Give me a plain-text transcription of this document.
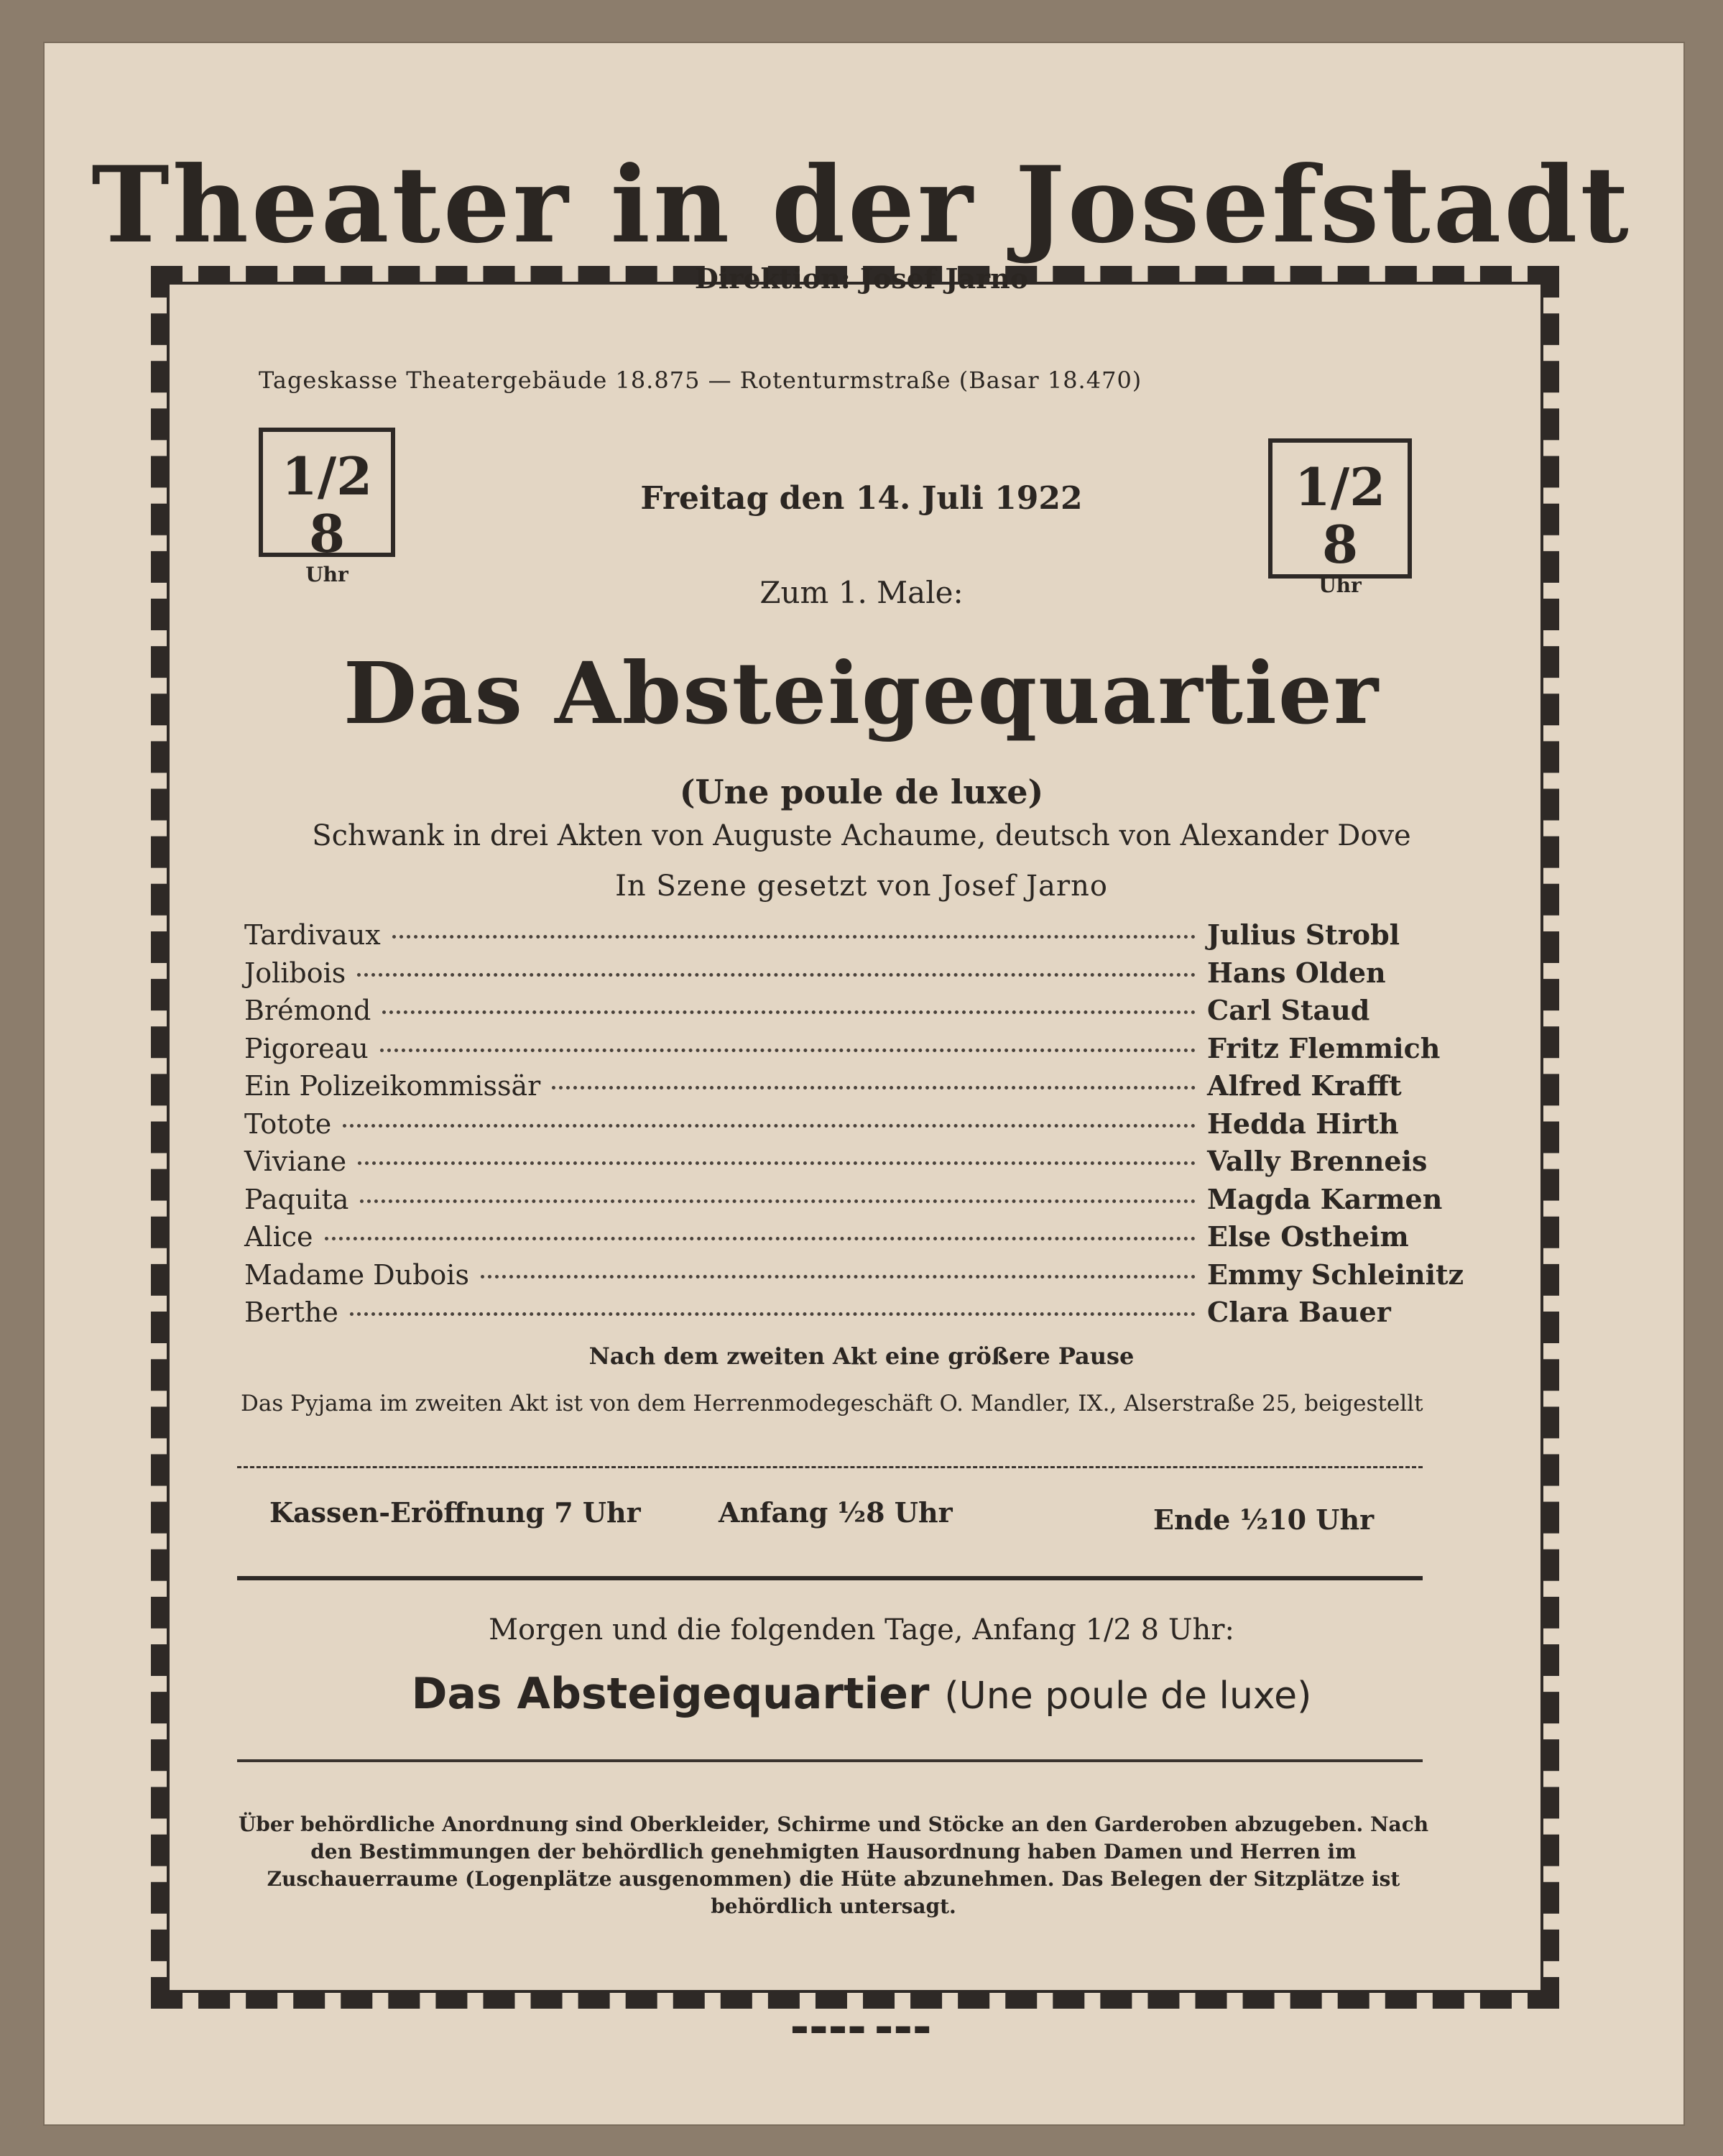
Theater in der Josefstadt
Direktion: Josef Jarno
Tageskasse Theatergebäude 18.875 — Rotenturmstraße (Basar 18.470)
1/2 8
Uhr
1/2 8
Uhr
Freitag den 14. Juli 1922
Zum 1. Male:
Das Absteigequartier
(Une poule de luxe)
Schwank in drei Akten von Auguste Achaume, deutsch von Alexander Dove
In Szene gesetzt von Josef Jarno
Tardivaux	Julius Strobl
Jolibois	Hans Olden
Brémond	Carl Staud
Pigoreau	Fritz Flemmich
Ein Polizeikommissär	Alfred Krafft
Totote	Hedda Hirth
Viviane	Vally Brenneis
Paquita	Magda Karmen
Alice	Else Ostheim
Madame Dubois	Emmy Schleinitz
Berthe	Clara Bauer
Nach dem zweiten Akt eine größere Pause
Das Pyjama im zweiten Akt ist von dem Herrenmodegeschäft O. Mandler, IX., Alserstraße 25, beigestellt
Kassen-Eröffnung 7 Uhr	Anfang ½8 Uhr	Ende ½10 Uhr
Morgen und die folgenden Tage, Anfang 1/2 8 Uhr:
Das Absteigequartier (Une poule de luxe)
Über behördliche Anordnung sind Oberkleider, Schirme und Stöcke an den Garderoben abzugeben. Nach den Bestimmungen der behördlich genehmigten Hausordnung haben Damen und Herren im Zuschauerraume (Logenplätze ausgenommen) die Hüte abzunehmen. Das Belegen der Sitzplätze ist behördlich untersagt.
▬▬▬▬ ▬▬▬
